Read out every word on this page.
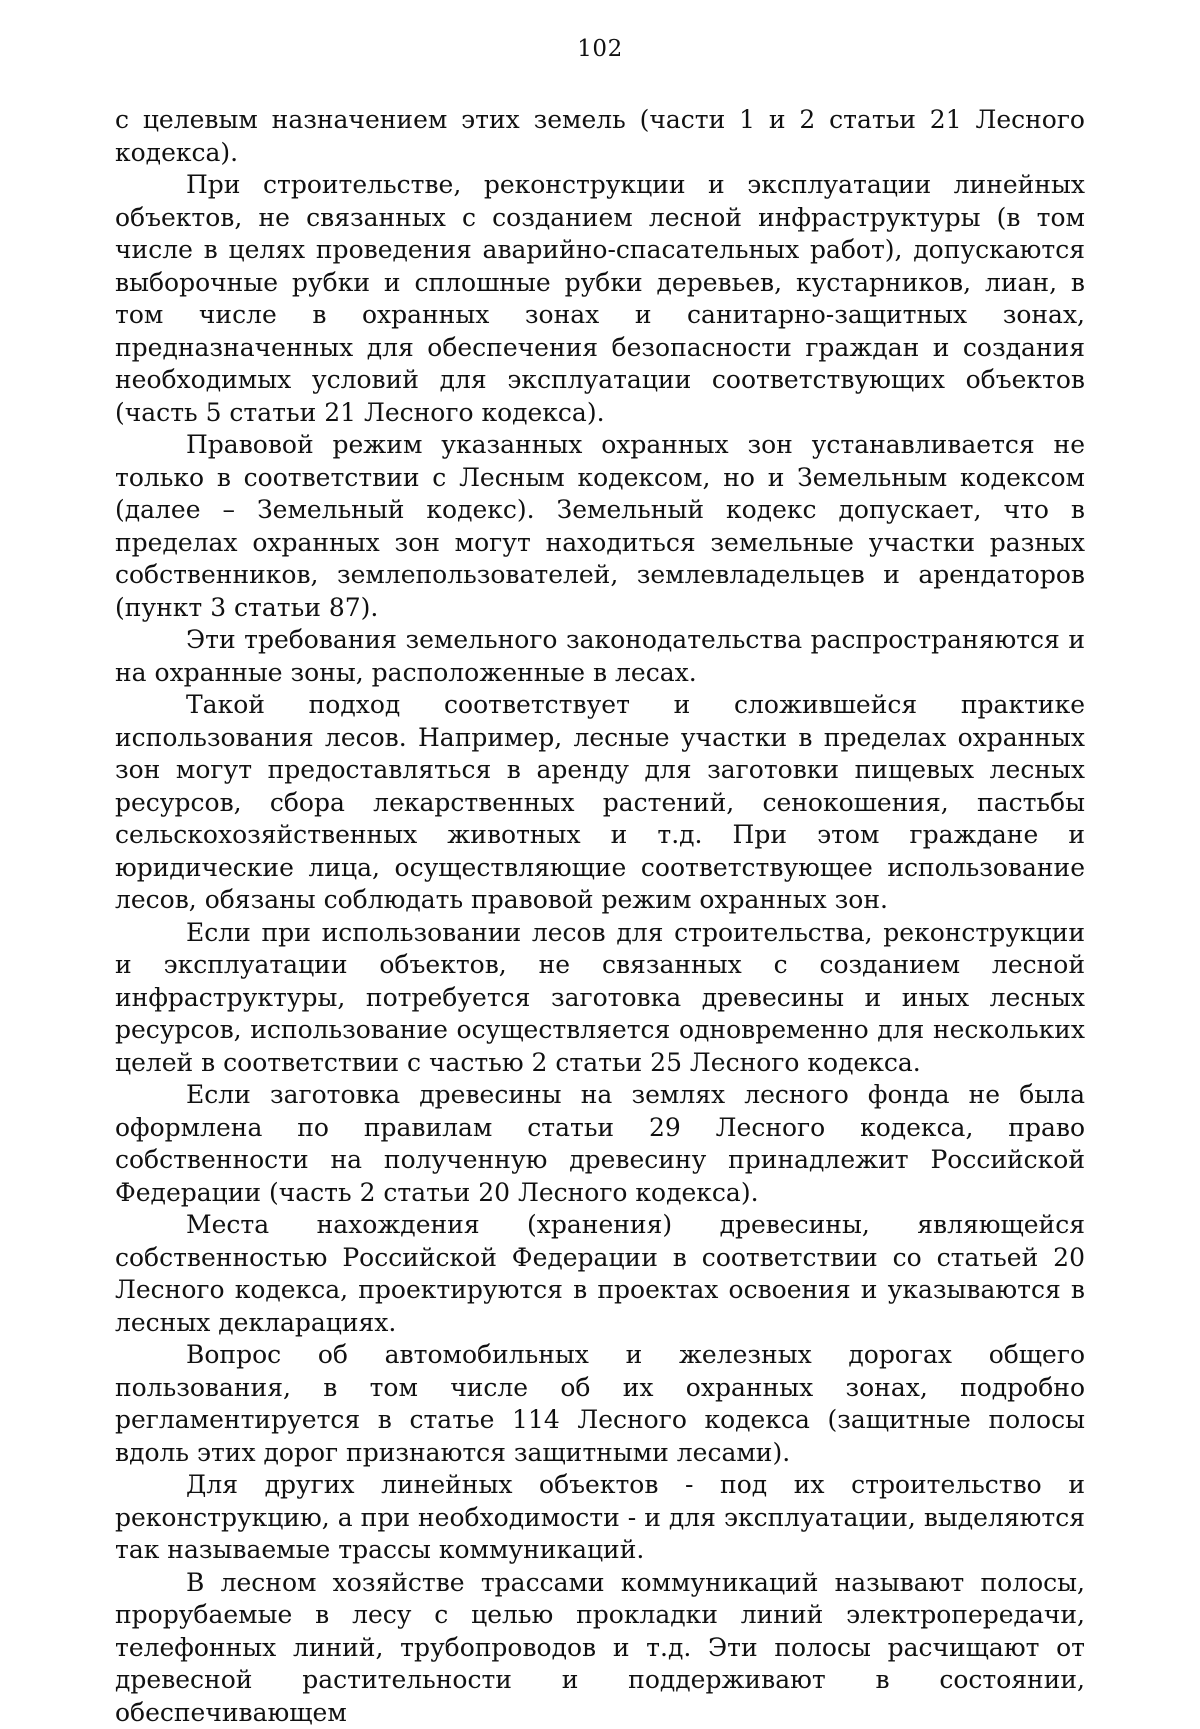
102

с целевым назначением этих земель (части 1 и 2 статьи 21 Лесного кодекса).

При строительстве, реконструкции и эксплуатации линейных объектов, не связанных с созданием лесной инфраструктуры (в том числе в целях проведения аварийно-спасательных работ), допускаются выборочные рубки и сплошные рубки деревьев, кустарников, лиан, в том числе в охранных зонах и санитарно-защитных зонах, предназначенных для обеспечения безопасности граждан и создания необходимых условий для эксплуатации соответствующих объектов (часть 5 статьи 21 Лесного кодекса).

Правовой режим указанных охранных зон устанавливается не только в соответствии с Лесным кодексом, но и Земельным кодексом (далее – Земельный кодекс). Земельный кодекс допускает, что в пределах охранных зон могут находиться земельные участки разных собственников, землепользователей, землевладельцев и арендаторов (пункт 3 статьи 87).

Эти требования земельного законодательства распространяются и на охранные зоны, расположенные в лесах.

Такой подход соответствует и сложившейся практике использования лесов. Например, лесные участки в пределах охранных зон могут предоставляться в аренду для заготовки пищевых лесных ресурсов, сбора лекарственных растений, сенокошения, пастьбы сельскохозяйственных животных и т.д. При этом граждане и юридические лица, осуществляющие соответствующее использование лесов, обязаны соблюдать правовой режим охранных зон.

Если при использовании лесов для строительства, реконструкции и эксплуатации объектов, не связанных с созданием лесной инфраструктуры, потребуется заготовка древесины и иных лесных ресурсов, использование осуществляется одновременно для нескольких целей в соответствии с частью 2 статьи 25 Лесного кодекса.

Если заготовка древесины на землях лесного фонда не была оформлена по правилам статьи 29 Лесного кодекса, право собственности на полученную древесину принадлежит Российской Федерации (часть 2 статьи 20 Лесного кодекса).

Места нахождения (хранения) древесины, являющейся собственностью Российской Федерации в соответствии со статьей 20 Лесного кодекса, проектируются в проектах освоения и указываются в лесных декларациях.

Вопрос об автомобильных и железных дорогах общего пользования, в том числе об их охранных зонах, подробно регламентируется в статье 114 Лесного кодекса (защитные полосы вдоль этих дорог признаются защитными лесами).

Для других линейных объектов - под их строительство и реконструкцию, а при необходимости - и для эксплуатации, выделяются так называемые трассы коммуникаций.

В лесном хозяйстве трассами коммуникаций называют полосы, прорубаемые в лесу с целью прокладки линий электропередачи, телефонных линий, трубопроводов и т.д. Эти полосы расчищают от древесной растительности и поддерживают в состоянии, обеспечивающем
